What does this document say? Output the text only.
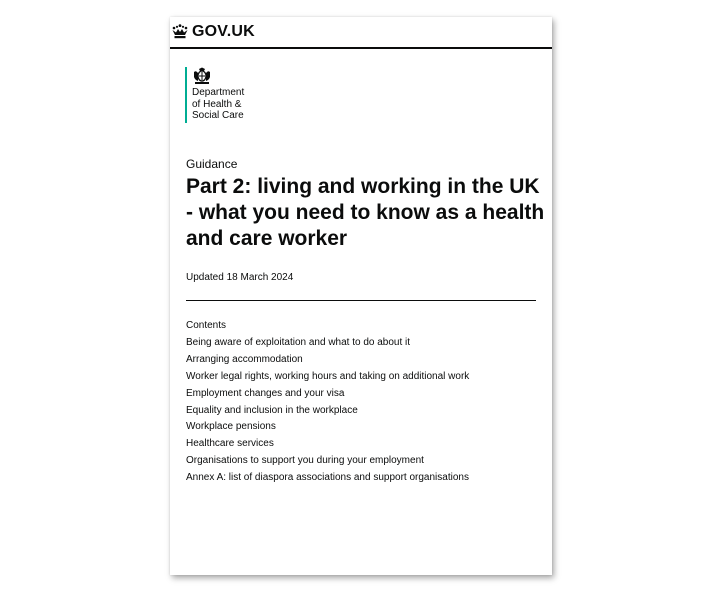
GOV.UK
Department
of Health &
Social Care
Guidance
Part 2: living and working in the UK - what you need to know as a health and care worker
Updated 18 March 2024
Contents
Being aware of exploitation and what to do about it
Arranging accommodation
Worker legal rights, working hours and taking on additional work
Employment changes and your visa
Equality and inclusion in the workplace
Workplace pensions
Healthcare services
Organisations to support you during your employment
Annex A: list of diaspora associations and support organisations
